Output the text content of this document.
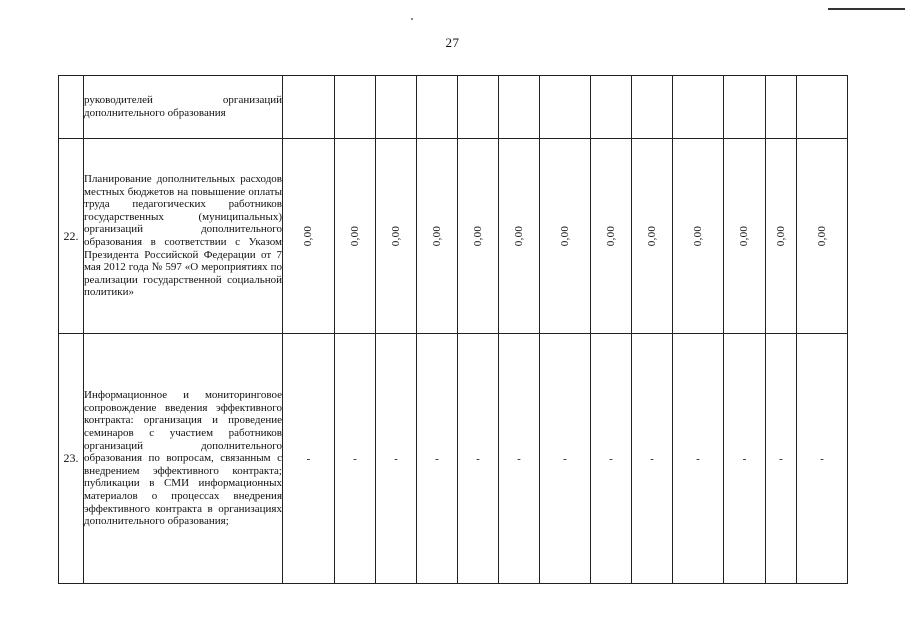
27
	руководителей организаций дополнительного образования													
22.	Планирование дополнительных расходов местных бюджетов на повышение оплаты труда педагогических работников государственных (муниципальных) организаций дополнительного образования в соответствии с Указом Президента Российской Федерации от 7 мая 2012 года № 597 «О мероприятиях по реализации государственной социальной политики»	0,00	0,00	0,00	0,00	0,00	0,00	0,00	0,00	0,00	0,00	0,00	0,00	0,00
23.	Информационное и мониторинговое сопровождение введения эффективного контракта: организация и проведение семинаров с участием работников организаций дополнительного образования по вопросам, связанным с внедрением эффективного контракта; публикации в СМИ информационных материалов о процессах внедрения эффективного контракта в организациях дополнительного образования;	-	-	-	-	-	-	-	-	-	-	-	-	-
